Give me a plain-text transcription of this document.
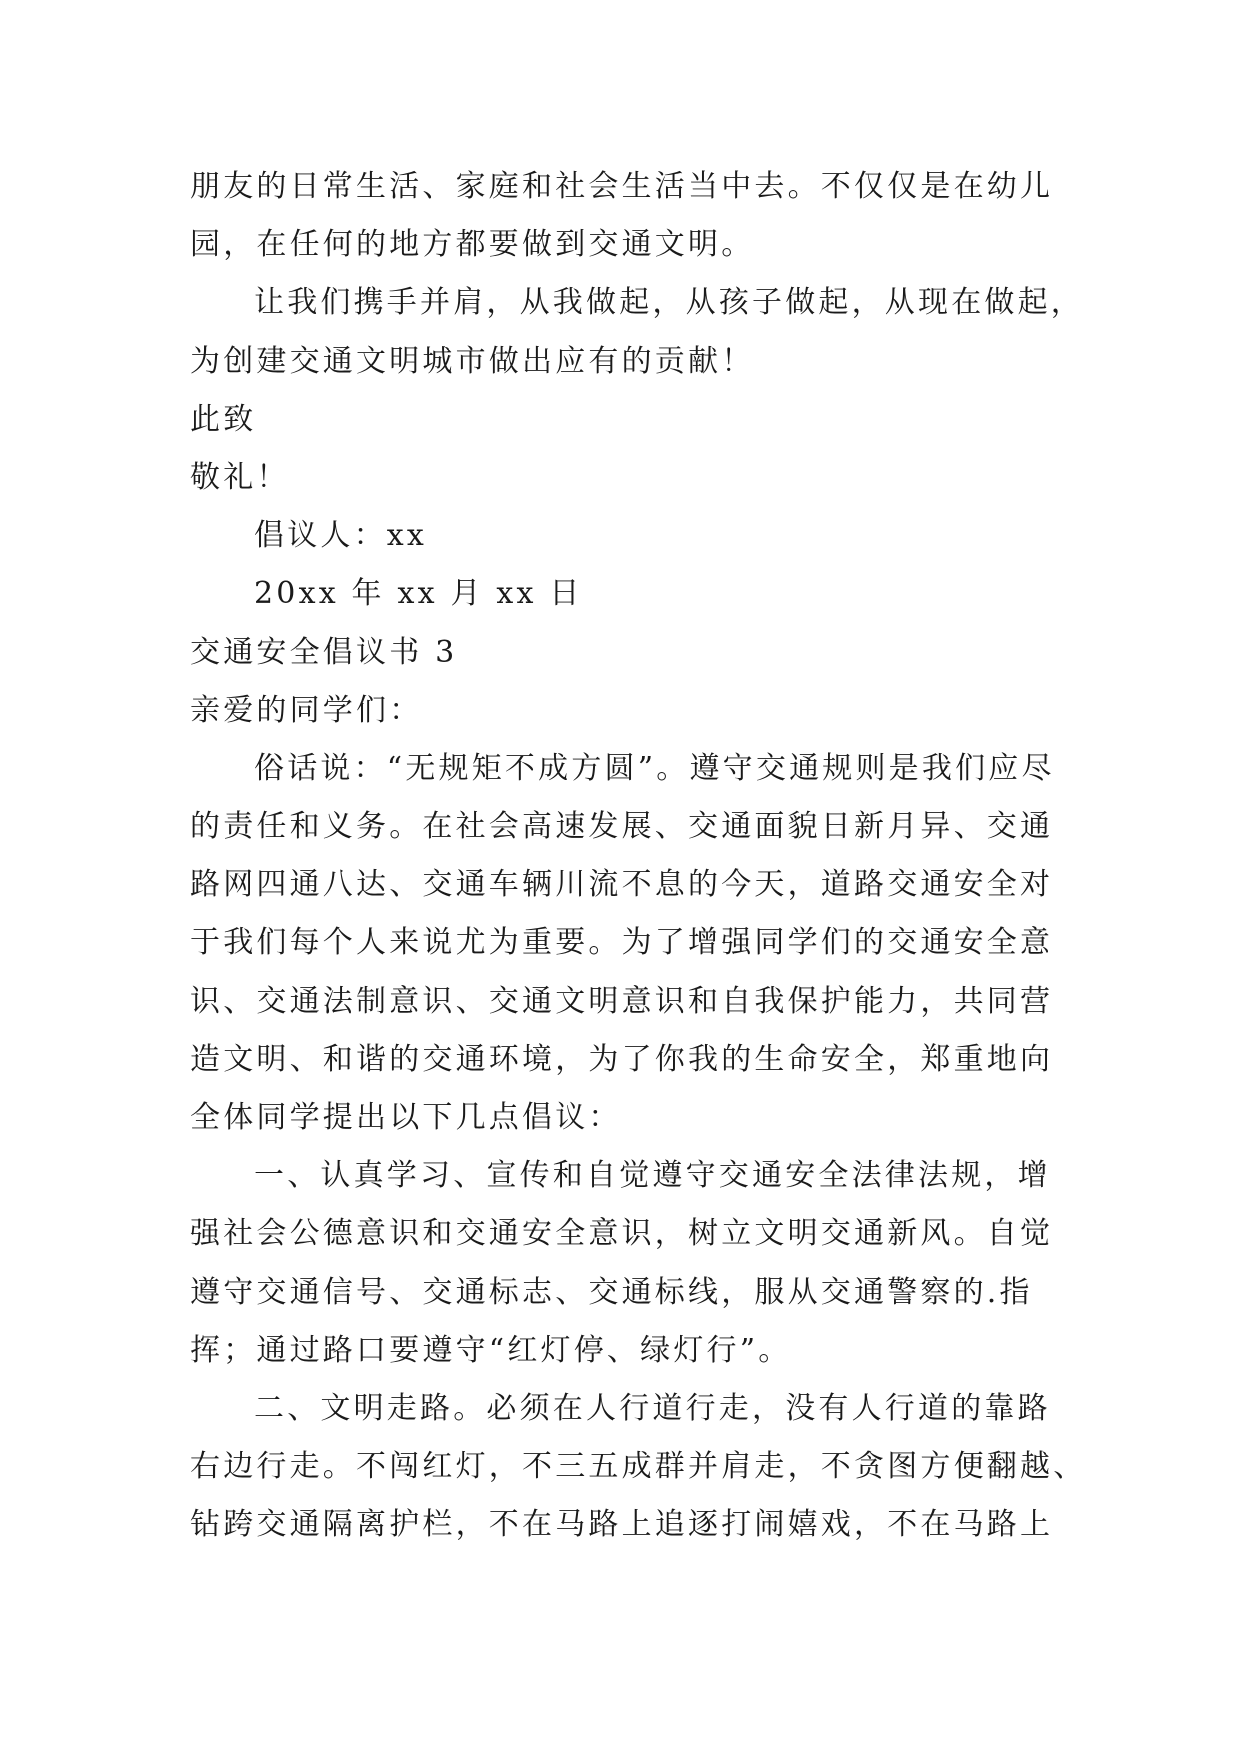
朋友的日常生活、家庭和社会生活当中去。不仅仅是在幼儿
园，在任何的地方都要做到交通文明。
让我们携手并肩，从我做起，从孩子做起，从现在做起，
为创建交通文明城市做出应有的贡献！
此致
敬礼！
倡议人：xx
20xx 年 xx 月 xx 日
交通安全倡议书 3
亲爱的同学们：
俗话说：“无规矩不成方圆”。遵守交通规则是我们应尽
的责任和义务。在社会高速发展、交通面貌日新月异、交通
路网四通八达、交通车辆川流不息的今天，道路交通安全对
于我们每个人来说尤为重要。为了增强同学们的交通安全意
识、交通法制意识、交通文明意识和自我保护能力，共同营
造文明、和谐的交通环境，为了你我的生命安全，郑重地向
全体同学提出以下几点倡议：
一、认真学习、宣传和自觉遵守交通安全法律法规，增
强社会公德意识和交通安全意识，树立文明交通新风。自觉
遵守交通信号、交通标志、交通标线，服从交通警察的.指
挥；通过路口要遵守“红灯停、绿灯行”。
二、文明走路。必须在人行道行走，没有人行道的靠路
右边行走。不闯红灯，不三五成群并肩走，不贪图方便翻越、
钻跨交通隔离护栏，不在马路上追逐打闹嬉戏，不在马路上
